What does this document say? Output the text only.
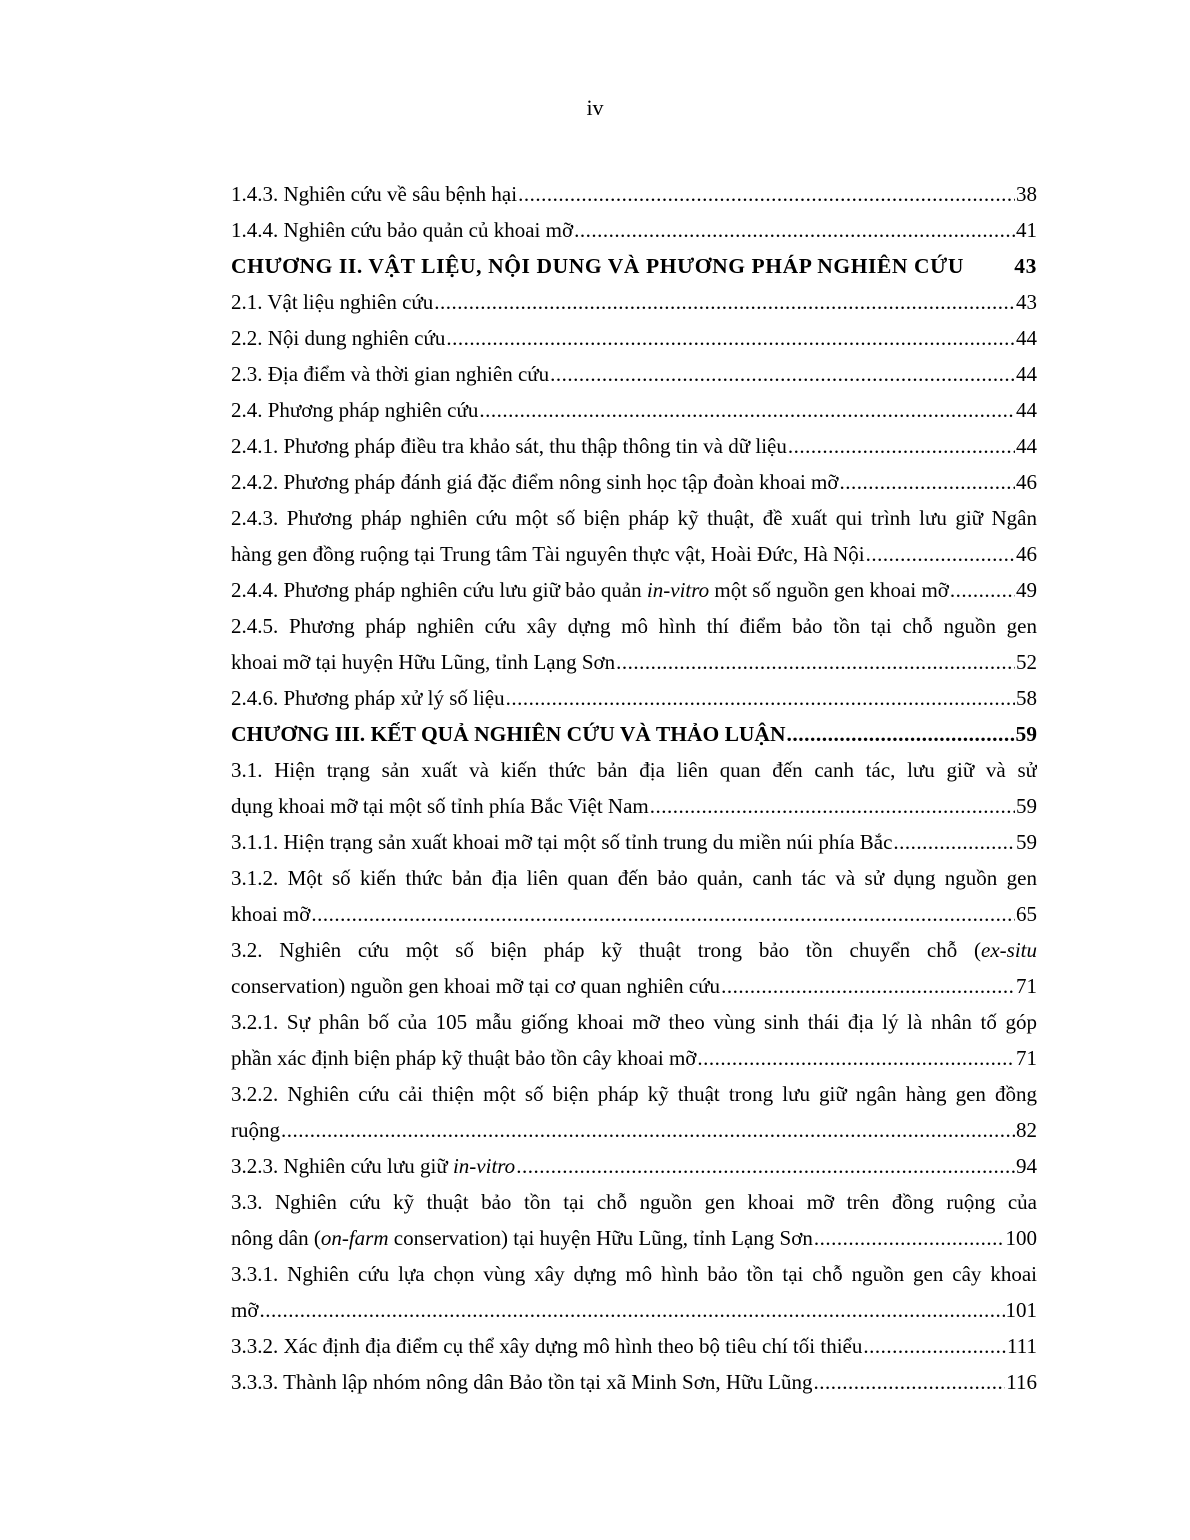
iv
1.4.3. Nghiên cứu về sâu bệnh hại .....	38
1.4.4. Nghiên cứu bảo quản củ khoai mỡ .....	41
CHƯƠNG II. VẬT LIỆU, NỘI DUNG VÀ PHƯƠNG PHÁP NGHIÊN CỨU 43
2.1. Vật liệu nghiên cứu .....	43
2.2. Nội dung nghiên cứu .....	44
2.3. Địa điểm và thời gian nghiên cứu .....	44
2.4. Phương pháp nghiên cứu .....	44
2.4.1. Phương pháp điều tra khảo sát, thu thập thông tin và dữ liệu .....	44
2.4.2. Phương pháp đánh giá đặc điểm nông sinh học tập đoàn khoai mỡ .....	46
2.4.3. Phương pháp nghiên cứu một số biện pháp kỹ thuật, đề xuất qui trình lưu giữ Ngân
hàng gen đồng ruộng tại Trung tâm Tài nguyên thực vật, Hoài Đức, Hà Nội .....	46
2.4.4. Phương pháp nghiên cứu lưu giữ bảo quản in-vitro một số nguồn gen khoai mỡ .....	49
2.4.5. Phương pháp nghiên cứu xây dựng mô hình thí điểm bảo tồn tại chỗ nguồn gen
khoai mỡ tại huyện Hữu Lũng, tỉnh Lạng Sơn .....	52
2.4.6. Phương pháp xử lý số liệu .....	58
CHƯƠNG III. KẾT QUẢ NGHIÊN CỨU VÀ THẢO LUẬN .....	59
3.1. Hiện trạng sản xuất và kiến thức bản địa liên quan đến canh tác, lưu giữ và sử
dụng khoai mỡ tại một số tỉnh phía Bắc Việt Nam .....	59
3.1.1. Hiện trạng sản xuất khoai mỡ tại một số tỉnh trung du miền núi phía Bắc .....	59
3.1.2. Một số kiến thức bản địa liên quan đến bảo quản, canh tác và sử dụng nguồn gen
khoai mỡ .....	65
3.2. Nghiên cứu một số biện pháp kỹ thuật trong bảo tồn chuyển chỗ (ex-situ
conservation) nguồn gen khoai mỡ tại cơ quan nghiên cứu .....	71
3.2.1. Sự phân bố của 105 mẫu giống khoai mỡ theo vùng sinh thái địa lý là nhân tố góp
phần xác định biện pháp kỹ thuật bảo tồn cây khoai mỡ .....	71
3.2.2. Nghiên cứu cải thiện một số biện pháp kỹ thuật trong lưu giữ ngân hàng gen đồng
ruộng .....	82
3.2.3. Nghiên cứu lưu giữ in-vitro .....	94
3.3. Nghiên cứu kỹ thuật bảo tồn tại chỗ nguồn gen khoai mỡ trên đồng ruộng của
nông dân (on-farm conservation) tại huyện Hữu Lũng, tỉnh Lạng Sơn .....	100
3.3.1. Nghiên cứu lựa chọn vùng xây dựng mô hình bảo tồn tại chỗ nguồn gen cây khoai
mỡ .....	101
3.3.2. Xác định địa điểm cụ thể xây dựng mô hình theo bộ tiêu chí tối thiểu .....	111
3.3.3. Thành lập nhóm nông dân Bảo tồn tại xã Minh Sơn, Hữu Lũng .....	116
